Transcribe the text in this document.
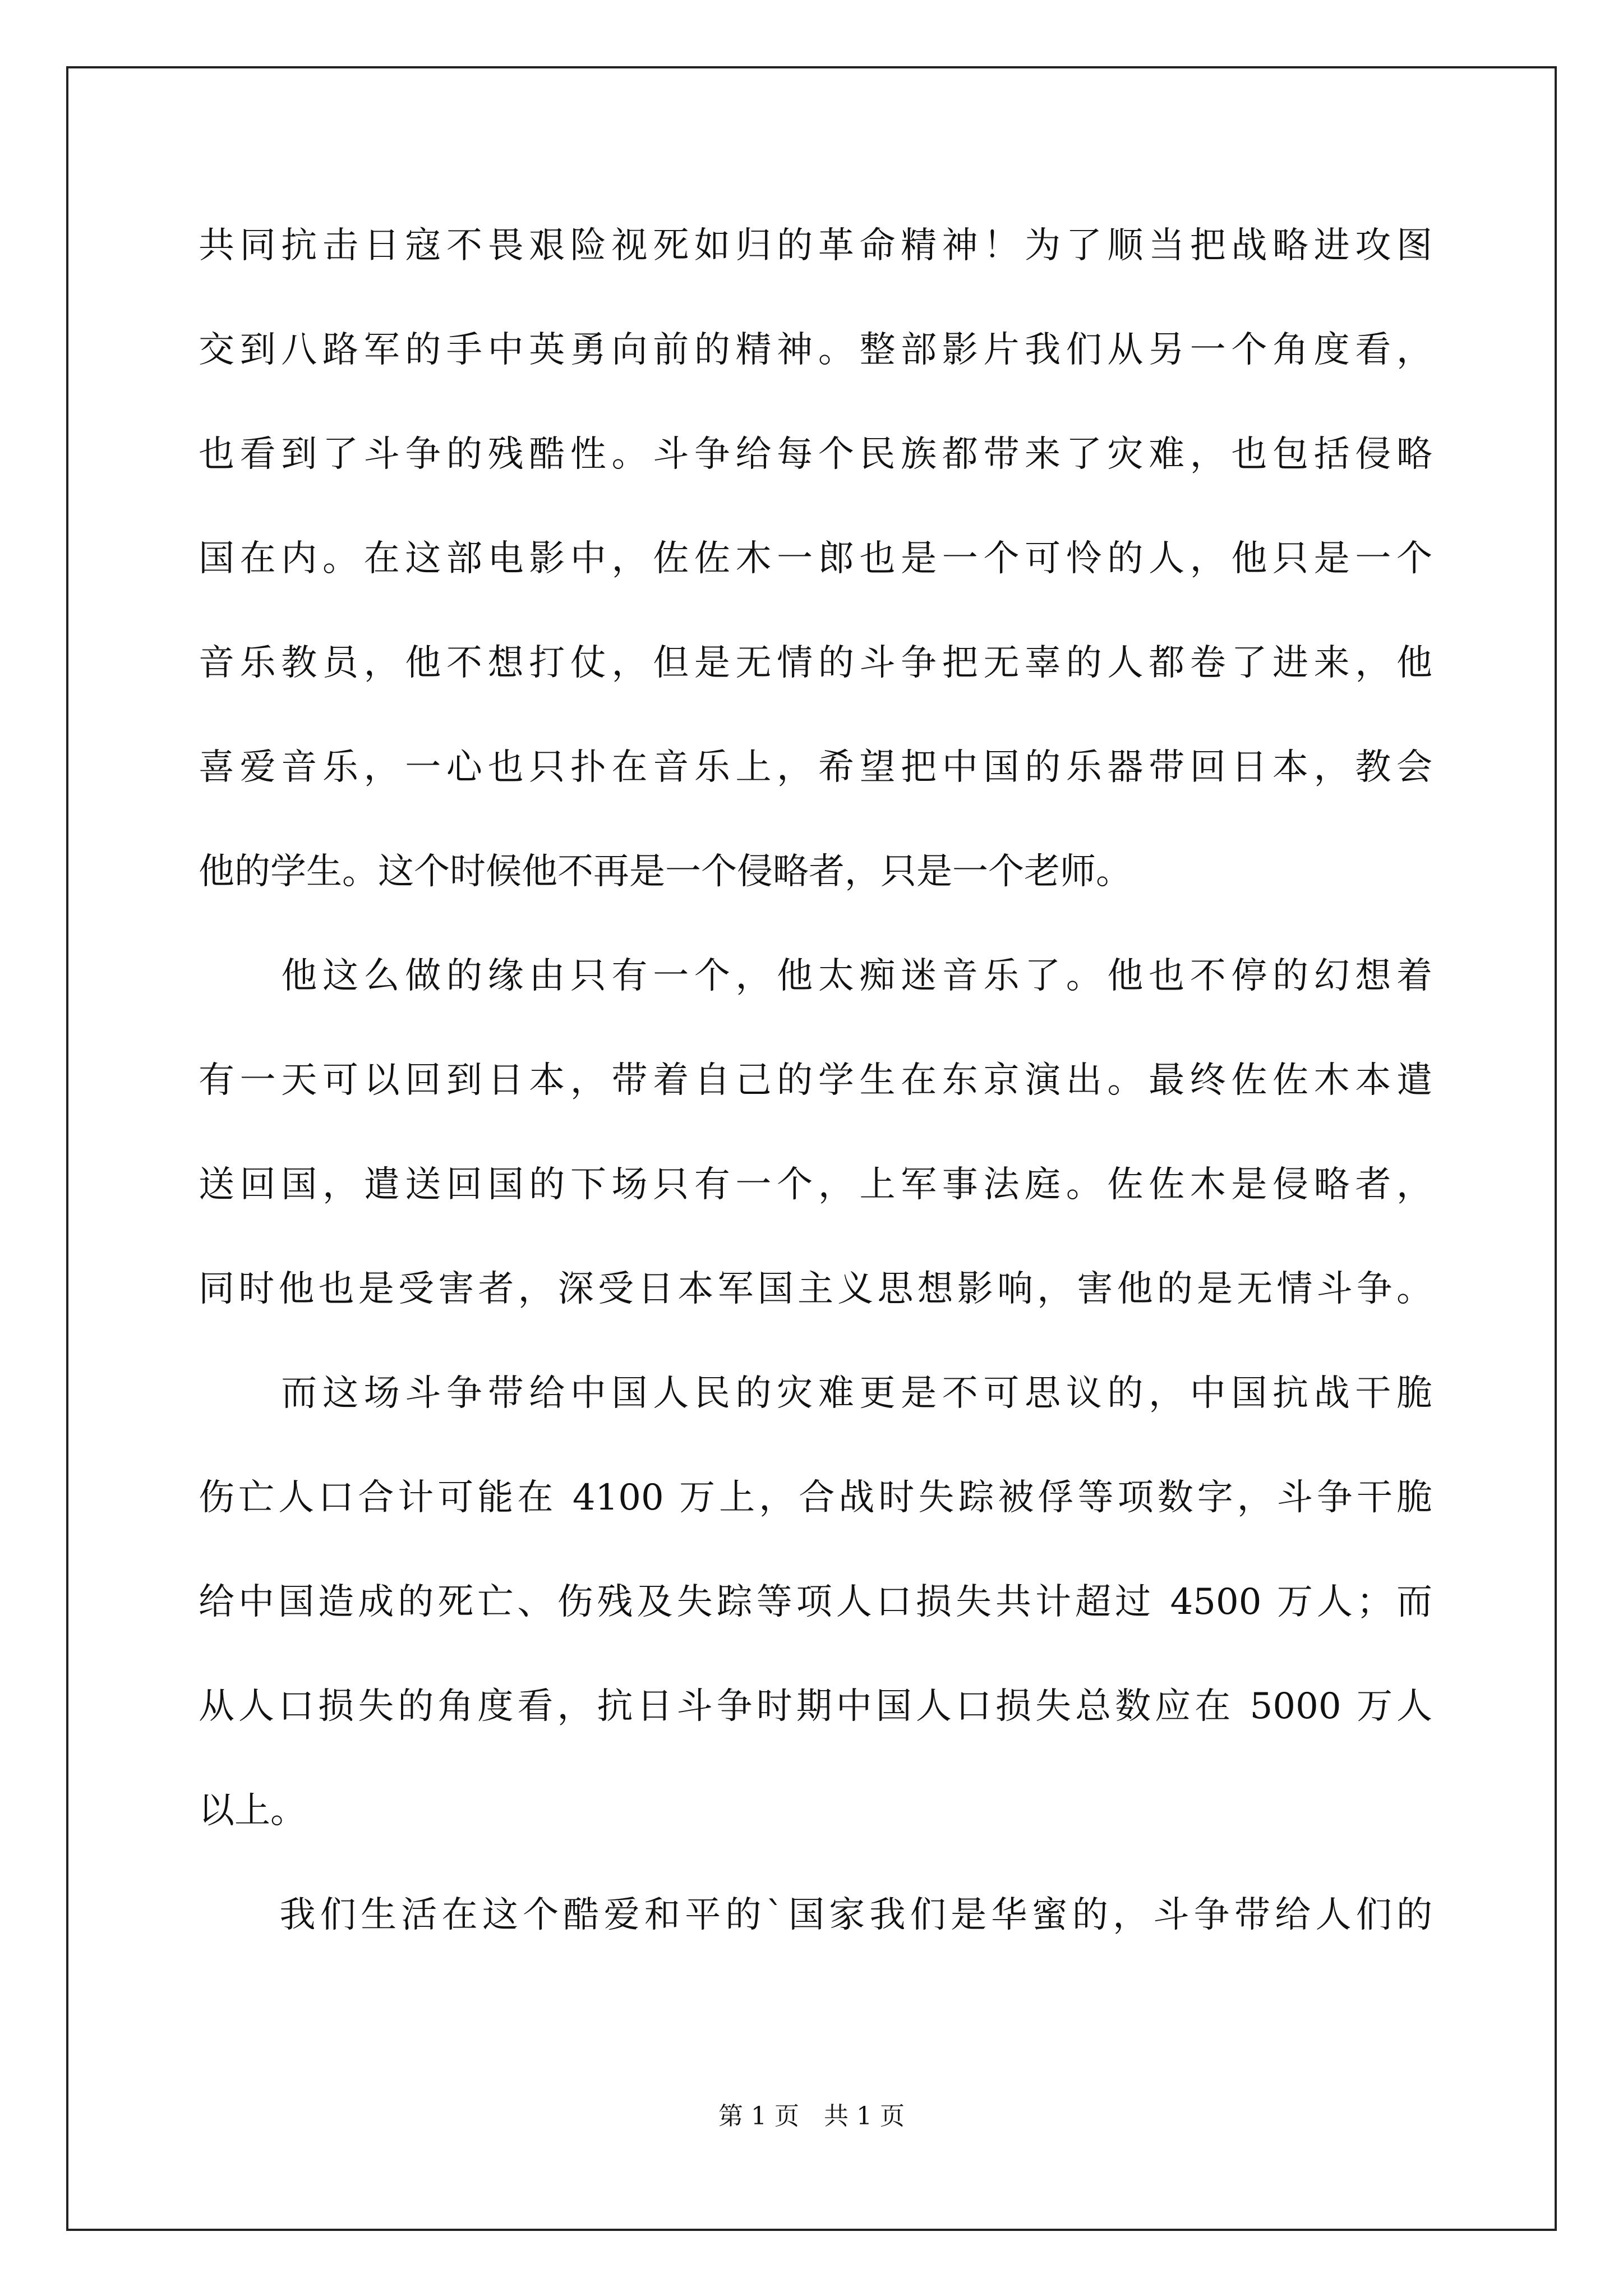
共同抗击日寇不畏艰险视死如归的革命精神！为了顺当把战略进攻图
交到八路军的手中英勇向前的精神。整部影片我们从另一个角度看，
也看到了斗争的残酷性。斗争给每个民族都带来了灾难，也包括侵略
国在内。在这部电影中，佐佐木一郎也是一个可怜的人，他只是一个
音乐教员，他不想打仗，但是无情的斗争把无辜的人都卷了进来，他
喜爱音乐，一心也只扑在音乐上，希望把中国的乐器带回日本，教会
他的学生。这个时候他不再是一个侵略者，只是一个老师。
　　他这么做的缘由只有一个，他太痴迷音乐了。他也不停的幻想着
有一天可以回到日本，带着自己的学生在东京演出。最终佐佐木本遣
送回国，遣送回国的下场只有一个，上军事法庭。佐佐木是侵略者，
同时他也是受害者，深受日本军国主义思想影响，害他的是无情斗争。
　　而这场斗争带给中国人民的灾难更是不可思议的，中国抗战干脆
伤亡人口合计可能在 4100 万上，合战时失踪被俘等项数字，斗争干脆
给中国造成的死亡、伤残及失踪等项人口损失共计超过 4500 万人；而
从人口损失的角度看，抗日斗争时期中国人口损失总数应在 5000 万人
以上。
　　我们生活在这个酷爱和平的`国家我们是华蜜的，斗争带给人们的
第 1 页　共 1 页
